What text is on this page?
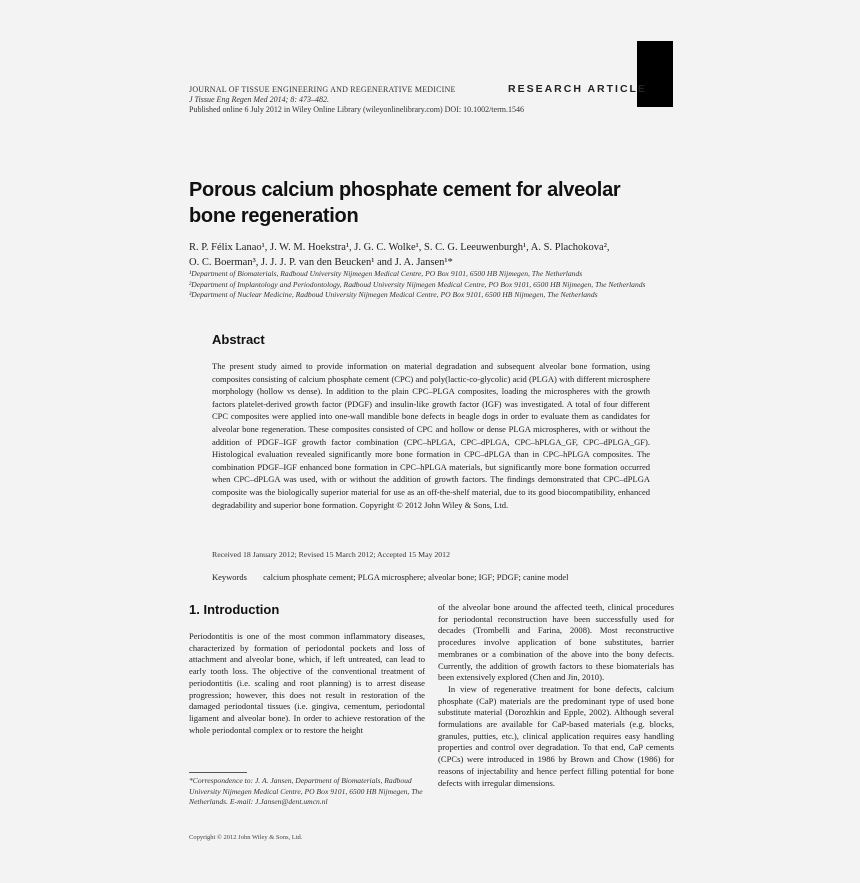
JOURNAL OF TISSUE ENGINEERING AND REGENERATIVE MEDICINE
J Tissue Eng Regen Med 2014; 8: 473–482.
Published online 6 July 2012 in Wiley Online Library (wileyonlinelibrary.com) DOI: 10.1002/term.1546
RESEARCH ARTICLE
Porous calcium phosphate cement for alveolar bone regeneration
R. P. Félix Lanao¹, J. W. M. Hoekstra¹, J. G. C. Wolke¹, S. C. G. Leeuwenburgh¹, A. S. Plachokova²,
O. C. Boerman³, J. J. J. P. van den Beucken¹ and J. A. Jansen¹*
¹Department of Biomaterials, Radboud University Nijmegen Medical Centre, PO Box 9101, 6500 HB Nijmegen, The Netherlands
²Department of Implantology and Periodontology, Radboud University Nijmegen Medical Centre, PO Box 9101, 6500 HB Nijmegen, The Netherlands
³Department of Nuclear Medicine, Radboud University Nijmegen Medical Centre, PO Box 9101, 6500 HB Nijmegen, The Netherlands
Abstract
The present study aimed to provide information on material degradation and subsequent alveolar bone formation, using composites consisting of calcium phosphate cement (CPC) and poly(lactic-co-glycolic) acid (PLGA) with different microsphere morphology (hollow vs dense). In addition to the plain CPC–PLGA composites, loading the microspheres with the growth factors platelet-derived growth factor (PDGF) and insulin-like growth factor (IGF) was investigated. A total of four different CPC composites were applied into one-wall mandible bone defects in beagle dogs in order to evaluate them as candidates for alveolar bone regeneration. These composites consisted of CPC and hollow or dense PLGA microspheres, with or without the addition of PDGF–IGF growth factor combination (CPC–hPLGA, CPC–dPLGA, CPC–hPLGA_GF, CPC–dPLGA_GF). Histological evaluation revealed significantly more bone formation in CPC–dPLGA than in CPC–hPLGA composites. The combination PDGF–IGF enhanced bone formation in CPC–hPLGA materials, but significantly more bone formation occurred when CPC–dPLGA was used, with or without the addition of growth factors. The findings demonstrated that CPC–dPLGA composite was the biologically superior material for use as an off-the-shelf material, due to its good biocompatibility, enhanced degradability and superior bone formation. Copyright © 2012 John Wiley & Sons, Ltd.
Received 18 January 2012; Revised 15 March 2012; Accepted 15 May 2012
Keywords calcium phosphate cement; PLGA microsphere; alveolar bone; IGF; PDGF; canine model
1. Introduction
Periodontitis is one of the most common inflammatory diseases, characterized by formation of periodontal pockets and loss of attachment and alveolar bone, which, if left untreated, can lead to early tooth loss. The objective of the conventional treatment of periodontitis (i.e. scaling and root planning) is to arrest disease progression; however, this does not result in restoration of the damaged periodontal tissues (i.e. gingiva, cementum, periodontal ligament and alveolar bone). In order to achieve restoration of the whole periodontal complex or to restore the height

of the alveolar bone around the affected teeth, clinical procedures for periodontal reconstruction have been successfully used for decades (Trombelli and Farina, 2008). Most reconstructive procedures involve application of bone substitutes, barrier membranes or a combination of the above into the bony defects. Currently, the addition of growth factors to these biomaterials has been extensively explored (Chen and Jin, 2010).

In view of regenerative treatment for bone defects, calcium phosphate (CaP) materials are the predominant type of used bone substitute material (Dorozhkin and Epple, 2002). Although several formulations are available for CaP-based materials (e.g. blocks, granules, putties, etc.), clinical application requires easy handling properties and control over degradation. To that end, CaP cements (CPCs) were introduced in 1986 by Brown and Chow (1986) for reasons of injectability and hence perfect filling potential for bone defects with irregular dimensions.

*Correspondence to: J. A. Jansen, Department of Biomaterials, Radboud University Nijmegen Medical Centre, PO Box 9101, 6500 HB Nijmegen, The Netherlands. E-mail: J.Jansen@dent.umcn.nl
Copyright © 2012 John Wiley & Sons, Ltd.
